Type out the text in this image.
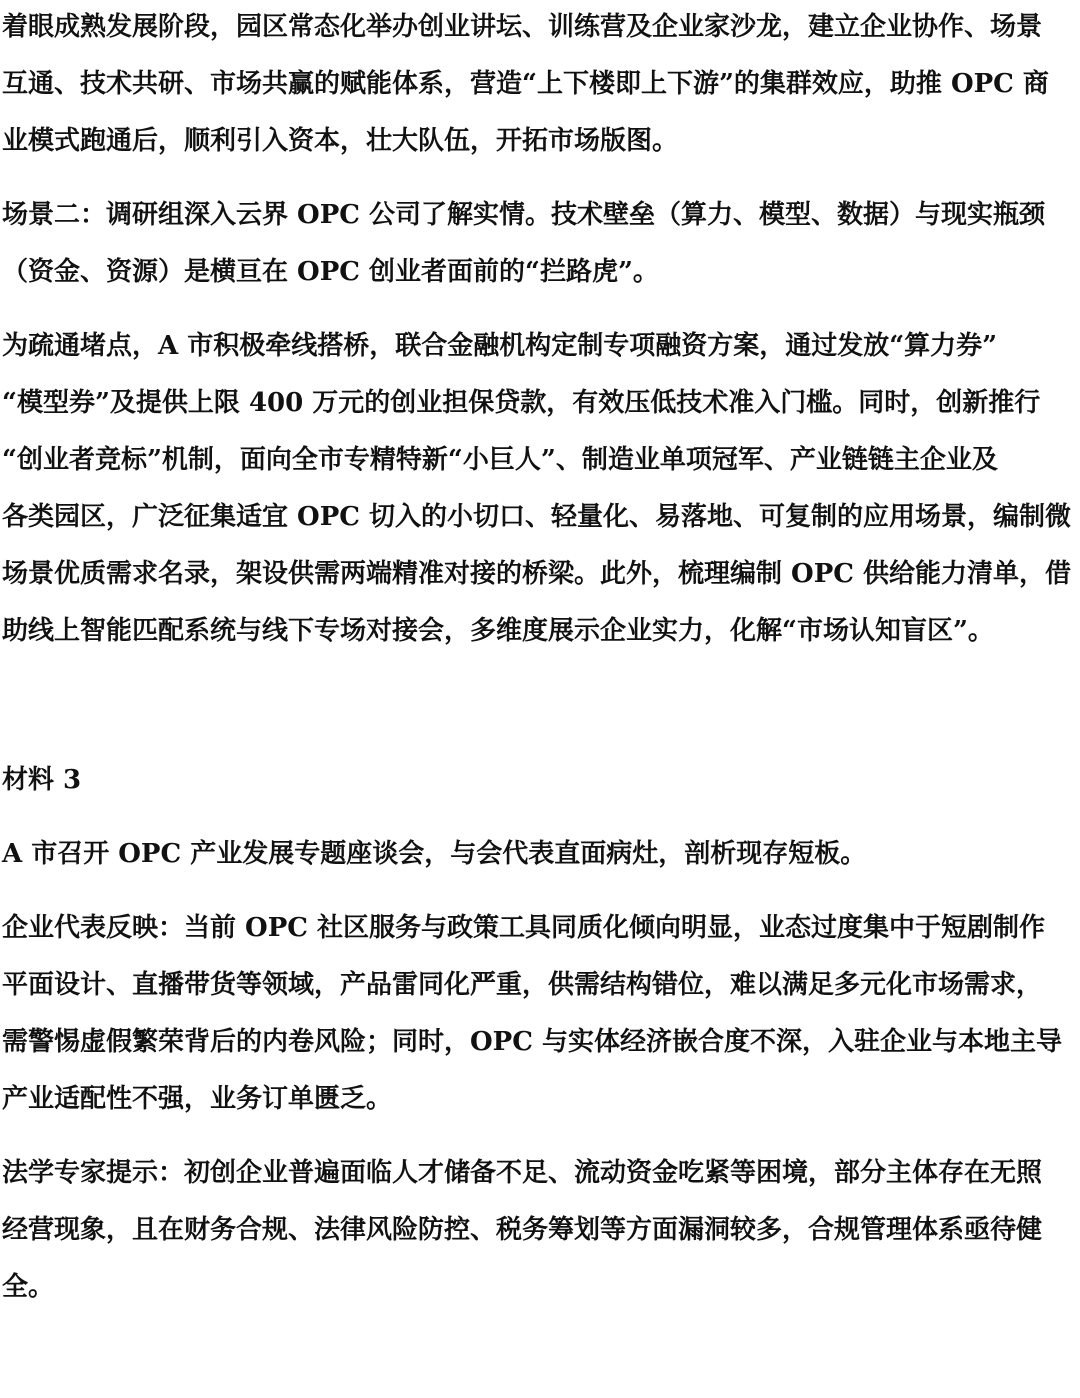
着眼成熟发展阶段，园区常态化举办创业讲坛、训练营及企业家沙龙，建立企业协作、场景
互通、技术共研、市场共赢的赋能体系，营造“上下楼即上下游”的集群效应，助推 OPC 商
业模式跑通后，顺利引入资本，壮大队伍，开拓市场版图。
场景二：调研组深入云界 OPC 公司了解实情。技术壁垒（算力、模型、数据）与现实瓶颈
（资金、资源）是横亘在 OPC 创业者面前的“拦路虎”。
为疏通堵点，A 市积极牵线搭桥，联合金融机构定制专项融资方案，通过发放“算力券”
“模型券”及提供上限 400 万元的创业担保贷款，有效压低技术准入门槛。同时，创新推行
“创业者竞标”机制，面向全市专精特新“小巨人”、制造业单项冠军、产业链链主企业及
各类园区，广泛征集适宜 OPC 切入的小切口、轻量化、易落地、可复制的应用场景，编制微
场景优质需求名录，架设供需两端精准对接的桥梁。此外，梳理编制 OPC 供给能力清单，借
助线上智能匹配系统与线下专场对接会，多维度展示企业实力，化解“市场认知盲区”。
材料 3
A 市召开 OPC 产业发展专题座谈会，与会代表直面病灶，剖析现存短板。
企业代表反映：当前 OPC 社区服务与政策工具同质化倾向明显，业态过度集中于短剧制作
平面设计、直播带货等领域，产品雷同化严重，供需结构错位，难以满足多元化市场需求，
需警惕虚假繁荣背后的内卷风险；同时，OPC 与实体经济嵌合度不深，入驻企业与本地主导
产业适配性不强，业务订单匮乏。
法学专家提示：初创企业普遍面临人才储备不足、流动资金吃紧等困境，部分主体存在无照
经营现象，且在财务合规、法律风险防控、税务筹划等方面漏洞较多，合规管理体系亟待健
全。
